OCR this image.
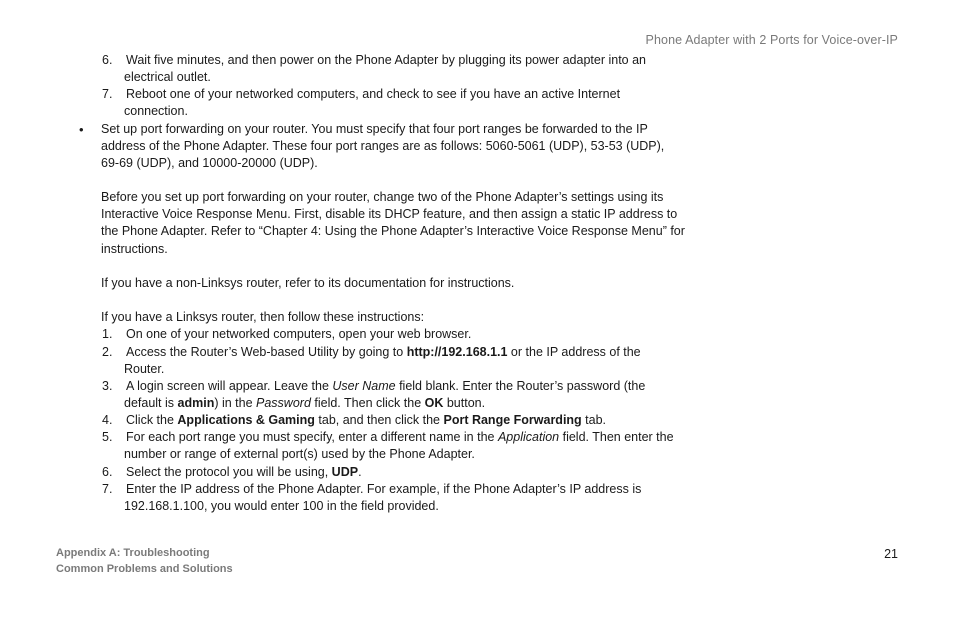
Phone Adapter with 2 Ports for Voice-over-IP
6. Wait five minutes, and then power on the Phone Adapter by plugging its power adapter into an
electrical outlet.
7. Reboot one of your networked computers, and check to see if you have an active Internet
connection.
• Set up port forwarding on your router. You must specify that four port ranges be forwarded to the IP
address of the Phone Adapter. These four port ranges are as follows: 5060-5061 (UDP), 53-53 (UDP),
69-69 (UDP), and 10000-20000 (UDP).
Before you set up port forwarding on your router, change two of the Phone Adapter’s settings using its
Interactive Voice Response Menu. First, disable its DHCP feature, and then assign a static IP address to
the Phone Adapter. Refer to “Chapter 4: Using the Phone Adapter’s Interactive Voice Response Menu” for
instructions.
If you have a non-Linksys router, refer to its documentation for instructions.
If you have a Linksys router, then follow these instructions:
1. On one of your networked computers, open your web browser.
2. Access the Router’s Web-based Utility by going to http://192.168.1.1 or the IP address of the
Router.
3. A login screen will appear. Leave the User Name field blank. Enter the Router’s password (the
default is admin) in the Password field. Then click the OK button.
4. Click the Applications & Gaming tab, and then click the Port Range Forwarding tab.
5. For each port range you must specify, enter a different name in the Application field. Then enter the
number or range of external port(s) used by the Phone Adapter.
6. Select the protocol you will be using, UDP.
7. Enter the IP address of the Phone Adapter. For example, if the Phone Adapter’s IP address is
192.168.1.100, you would enter 100 in the field provided.
Appendix A: Troubleshooting
Common Problems and Solutions
21
